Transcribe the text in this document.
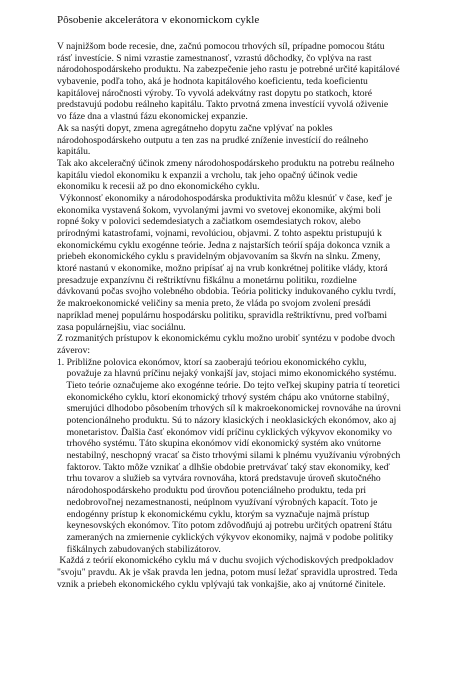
Pôsobenie akcelerátora v ekonomickom cykle
V najnižšom bode recesie, dne, začnú pomocou trhových síl, prípadne pomocou štátu
rásť investície. S nimi vzrastie zamestnanosť, vzrastú dôchodky, čo vplýva na rast
národohospodárskeho produktu. Na zabezpečenie jeho rastu je potrebné určité kapitálové
vybavenie, podľa toho, aká je hodnota kapitálového koeficientu, teda koeficientu
kapitálovej náročnosti výroby. To vyvolá adekvátny rast dopytu po statkoch, ktoré
predstavujú podobu reálneho kapitálu. Takto prvotná zmena investícií vyvolá oživenie
vo fáze dna a vlastnú fázu ekonomickej expanzie.
Ak sa nasýti dopyt, zmena agregátneho dopytu začne vplývať na pokles
národohospodárskeho outputu a ten zas na prudké zníženie investícií do reálneho
kapitálu.
Tak ako akceleračný účinok zmeny národohospodárskeho produktu na potrebu reálneho
kapitálu viedol ekonomiku k expanzii a vrcholu, tak jeho opačný účinok vedie
ekonomiku k recesii až po dno ekonomického cyklu.
Výkonnosť ekonomiky a národohospodárska produktivita môžu klesnúť v čase, keď je
ekonomika vystavená šokom, vyvolanými javmi vo svetovej ekonomike, akými boli
ropné šoky v polovici sedemdesiatych a začiatkom osemdesiatych rokov, alebo
prírodnými katastrofami, vojnami, revolúciou, objavmi. Z tohto aspektu pristupujú k
ekonomickému cyklu exogénne teórie. Jedna z najstarších teórií spája dokonca vznik a
priebeh ekonomického cyklu s pravidelným objavovaním sa škvŕn na slnku. Zmeny,
ktoré nastanú v ekonomike, možno pripísať aj na vrub konkrétnej politike vlády, ktorá
presadzuje expanzívnu či reštriktívnu fiškálnu a monetárnu politiku, rozdielne
dávkovanú počas svojho volebného obdobia. Teória politicky indukovaného cyklu tvrdí,
že makroekonomické veličiny sa menia preto, že vláda po svojom zvolení presádi
napríklad menej populárnu hospodársku politiku, spravidla reštriktívnu, pred voľbami
zasa populárnejšiu, viac sociálnu.
Z rozmanitých prístupov k ekonomickému cyklu možno urobiť syntézu v podobe dvoch
záverov:
1. Približne polovica ekonómov, ktorí sa zaoberajú teóriou ekonomického cyklu,
považuje za hlavnú príčinu nejaký vonkajší jav, stojaci mimo ekonomického systému.
Tieto teórie označujeme ako exogénne teórie. Do tejto veľkej skupiny patria tí teoretici
ekonomického cyklu, ktorí ekonomický trhový systém chápu ako vnútorne stabilný,
smerujúci dlhodobo pôsobením trhových síl k makroekonomickej rovnováhe na úrovni
potencionálneho produktu. Sú to názory klasických i neoklasických ekonómov, ako aj
monetaristov. Ďalšia časť ekonómov vidí príčinu cyklických výkyvov ekonomiky vo
trhového systému. Táto skupina ekonómov vidí ekonomický systém ako vnútorne
nestabilný, neschopný vracať sa čisto trhovými silami k plnému využívaniu výrobných
faktorov. Takto môže vznikať a dlhšie obdobie pretrvávať taký stav ekonomiky, keď
trhu tovarov a služieb sa vytvára rovnováha, ktorá predstavuje úroveň skutočného
národohospodárskeho produktu pod úrovňou potenciálneho produktu, teda pri
nedobrovoľnej nezamestnanosti, neúplnom využívaní výrobných kapacít. Toto je
endogénny prístup k ekonomickému cyklu, ktorým sa vyznačuje najmä prístup
keynesovských ekonómov. Títo potom zdôvodňujú aj potrebu určitých opatrení štátu
zameraných na zmiernenie cyklických výkyvov ekonomiky, najmä v podobe politiky
fiškálnych zabudovaných stabilizátorov.
Každá z teórií ekonomického cyklu má v duchu svojich východiskových predpokladov
"svoju" pravdu. Ak je však pravda len jedna, potom musí ležať spravidla uprostred. Teda
vznik a priebeh ekonomického cyklu vplývajú tak vonkajšie, ako aj vnútorné činitele.
